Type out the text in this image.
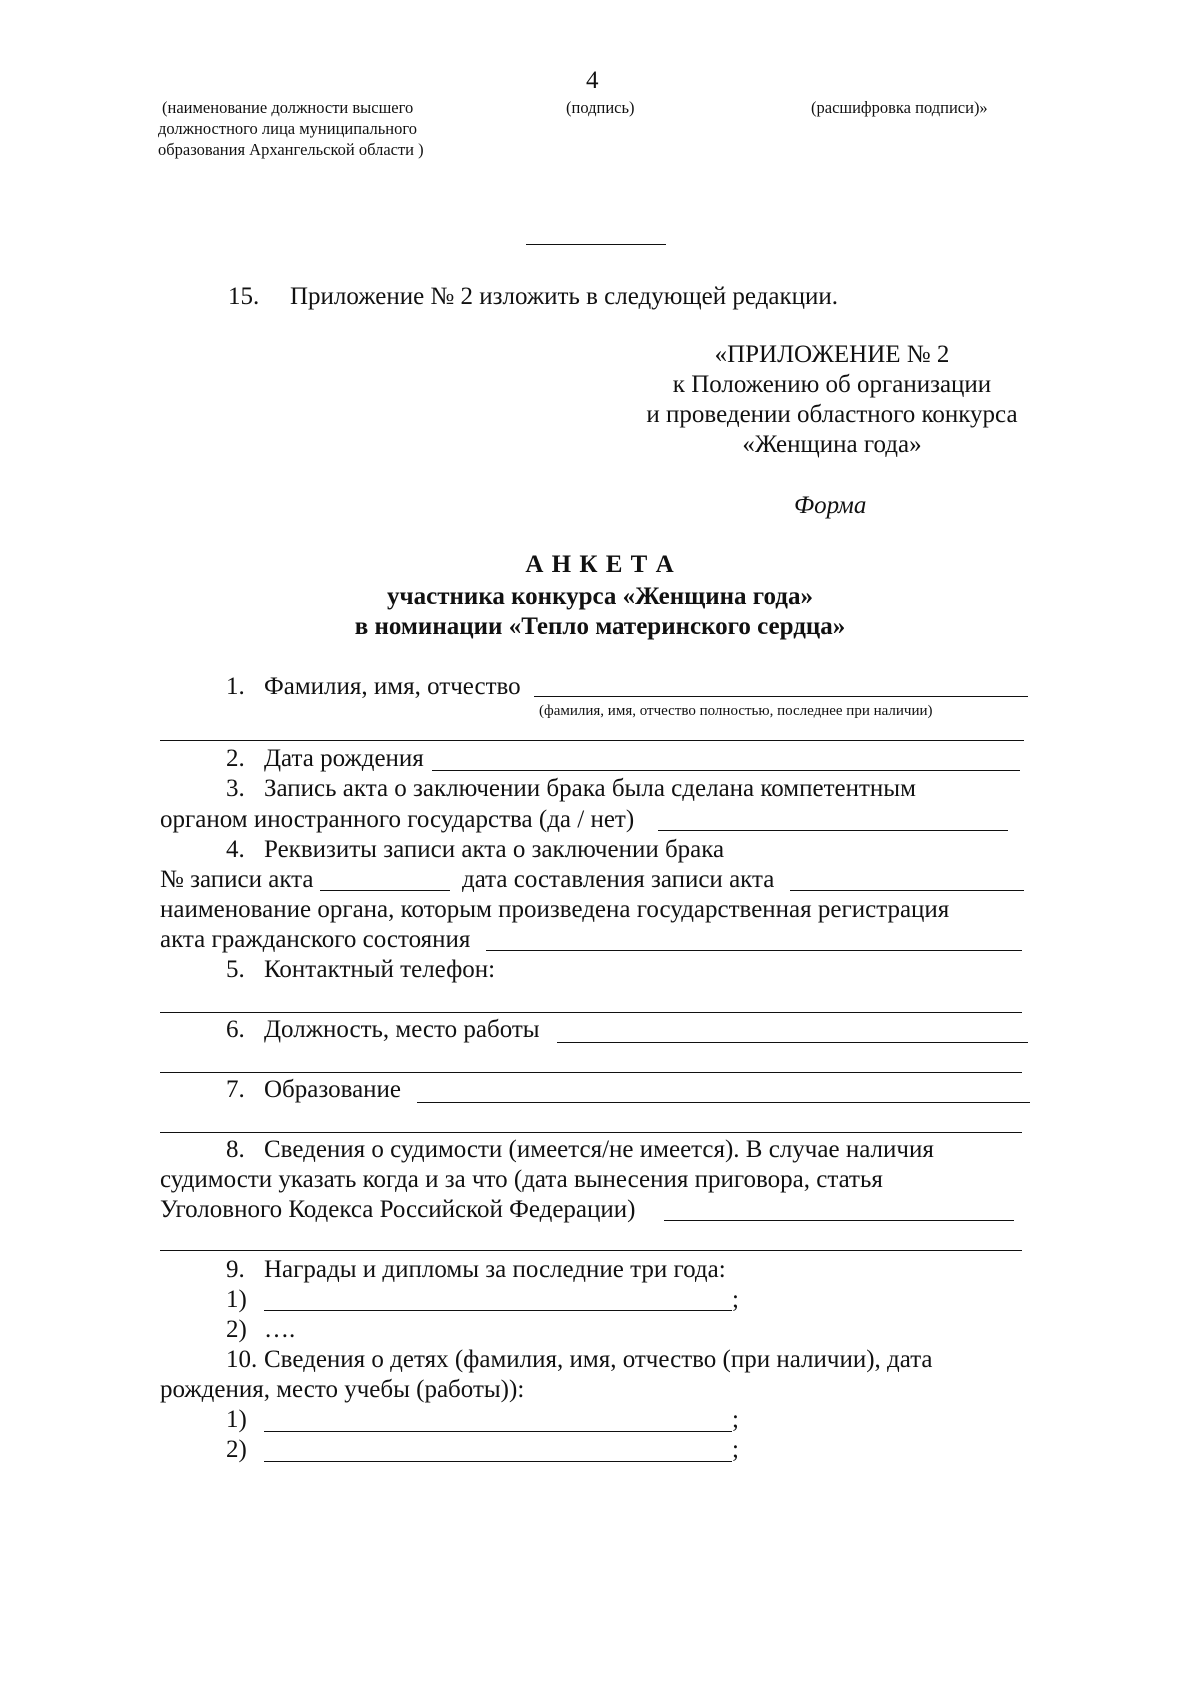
4
(наименование должности высшего
должностного лица муниципального
образования Архангельской области )
(подпись)	(расшифровка подписи)»
15. Приложение № 2 изложить в следующей редакции.
«ПРИЛОЖЕНИЕ № 2
к Положению об организации
и проведении областного конкурса
«Женщина года»
Форма
А Н К Е Т А
участника конкурса «Женщина года»
в номинации «Тепло материнского сердца»
1. Фамилия, имя, отчество
(фамилия, имя, отчество полностью, последнее при наличии)
2. Дата рождения
3. Запись акта о заключении брака была сделана компетентным
органом иностранного государства (да / нет)
4. Реквизиты записи акта о заключении брака
№ записи акта	дата составления записи акта
наименование органа, которым произведена государственная регистрация
акта гражданского состояния
5. Контактный телефон:
6. Должность, место работы
7. Образование
8. Сведения о судимости (имеется/не имеется). В случае наличия
судимости указать когда и за что (дата вынесения приговора, статья
Уголовного Кодекса Российской Федерации)
9. Награды и дипломы за последние три года:
1)	;
2) ….
10. Сведения о детях (фамилия, имя, отчество (при наличии), дата
рождения, место учебы (работы)):
1)	;
2)	;
